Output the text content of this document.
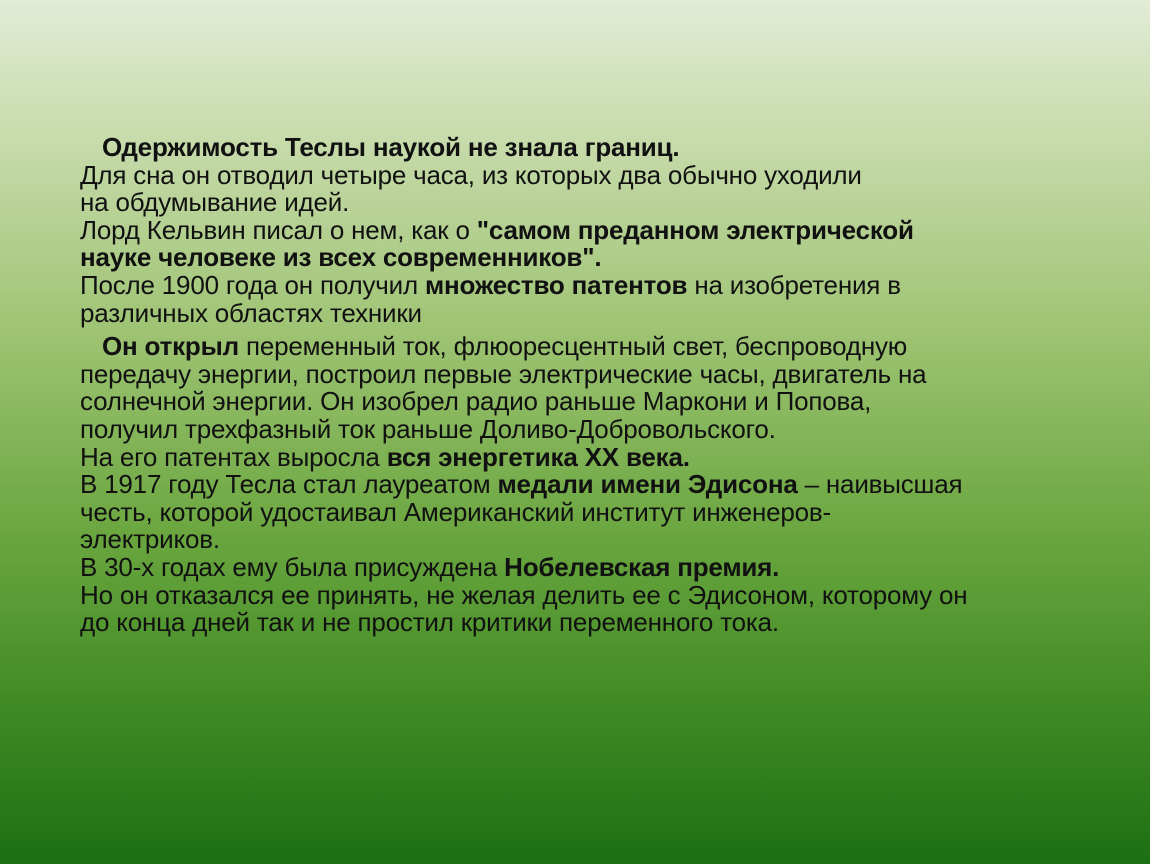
Одержимость Теслы наукой не знала границ.
Для сна он отводил четыре часа, из которых два обычно уходили
на обдумывание идей.
Лорд Кельвин писал о нем, как о "самом преданном электрической
науке человеке из всех современников".
После 1900 года он получил множество патентов на изобретения в
различных областях техники

Он открыл переменный ток, флюоресцентный свет, беспроводную
передачу энергии, построил первые электрические часы, двигатель на
солнечной энергии. Он изобрел радио раньше Маркони и Попова,
получил трехфазный ток раньше Доливо-Добровольского.
На его патентах выросла вся энергетика XX века.
В 1917 году Тесла стал лауреатом медали имени Эдисона – наивысшая
честь, которой удостаивал Американский институт инженеров-
электриков.
В 30-х годах ему была присуждена Нобелевская премия.
Но он отказался ее принять, не желая делить ее с Эдисоном, которому он
до конца дней так и не простил критики переменного тока.
